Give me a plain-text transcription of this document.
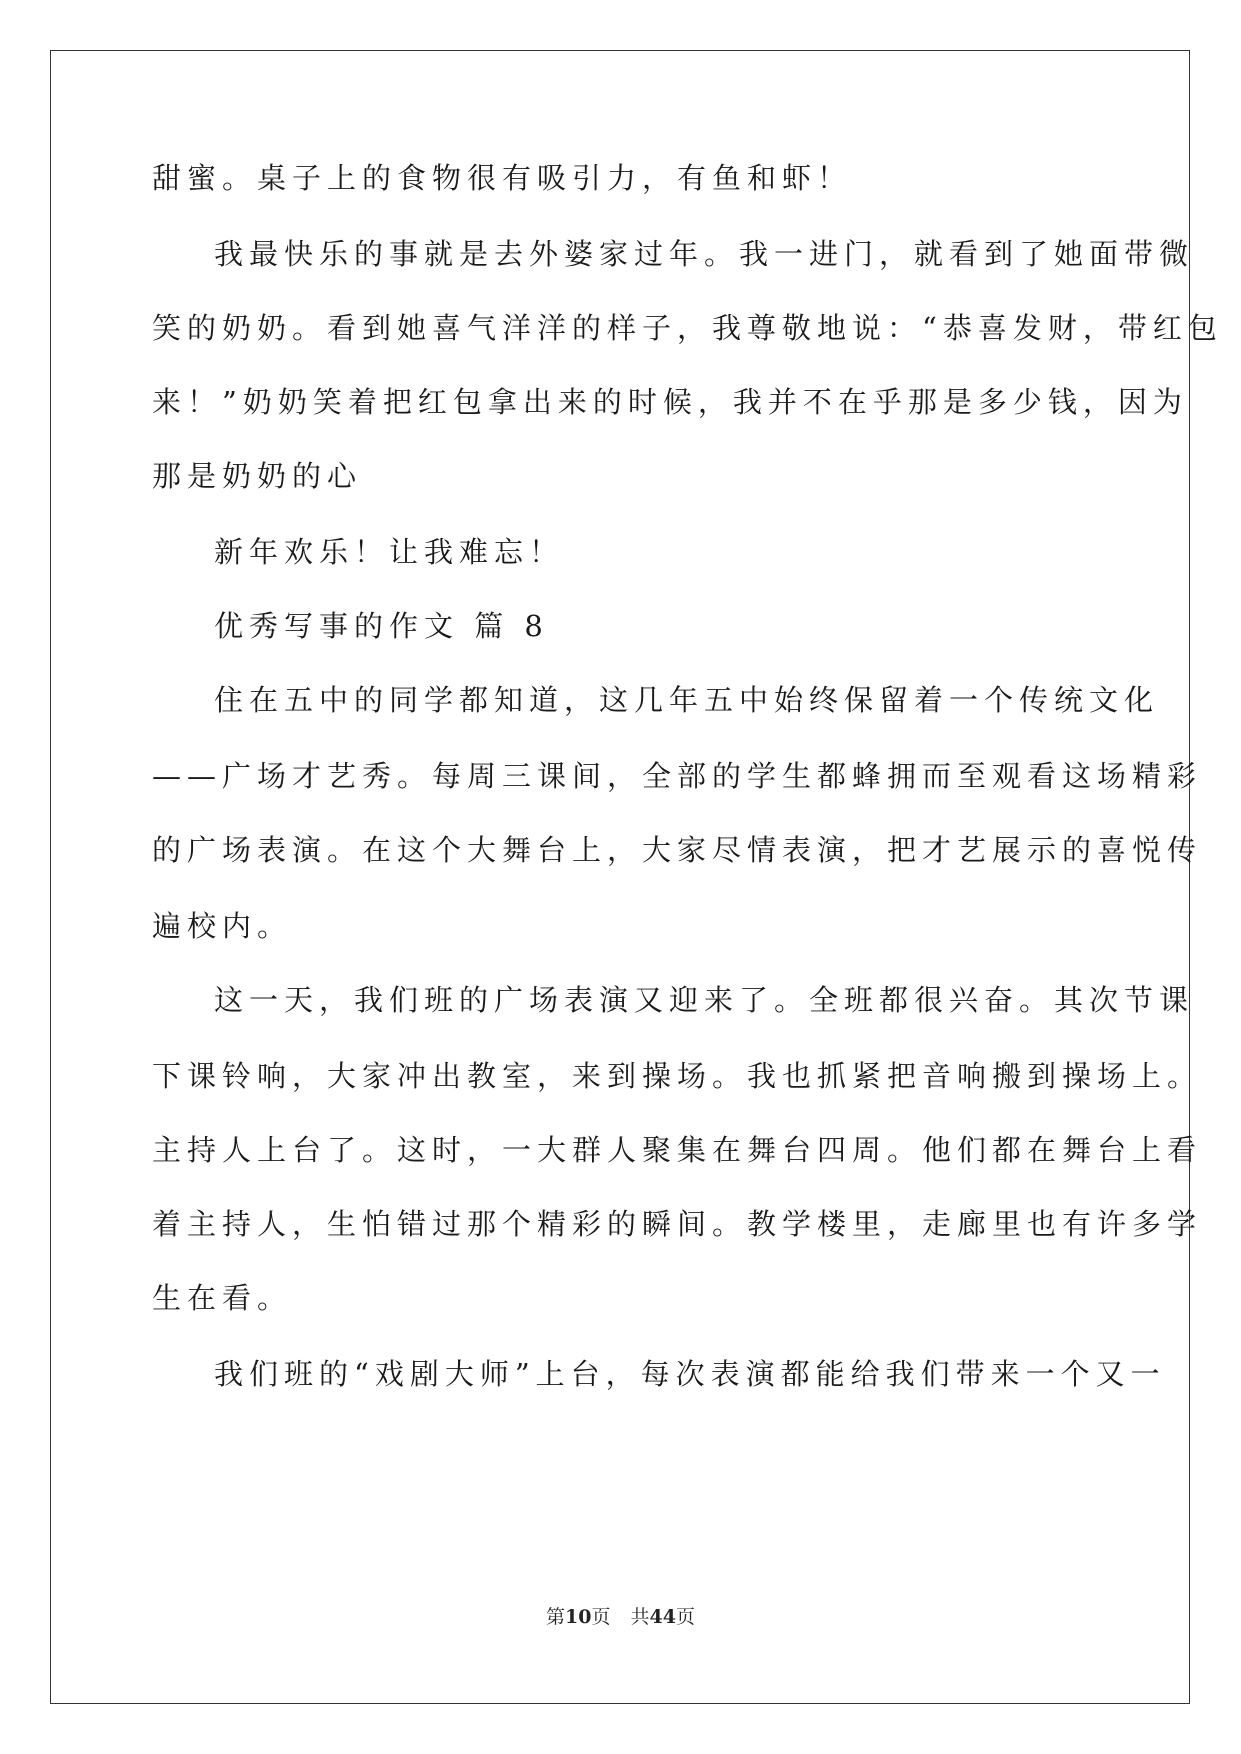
甜蜜。桌子上的食物很有吸引力，有鱼和虾！
我最快乐的事就是去外婆家过年。我一进门，就看到了她面带微
笑的奶奶。看到她喜气洋洋的样子，我尊敬地说：“恭喜发财，带红包
来！”奶奶笑着把红包拿出来的时候，我并不在乎那是多少钱，因为
那是奶奶的心
新年欢乐！让我难忘！
优秀写事的作文 篇 8
住在五中的同学都知道，这几年五中始终保留着一个传统文化
——广场才艺秀。每周三课间，全部的学生都蜂拥而至观看这场精彩
的广场表演。在这个大舞台上，大家尽情表演，把才艺展示的喜悦传
遍校内。
这一天，我们班的广场表演又迎来了。全班都很兴奋。其次节课
下课铃响，大家冲出教室，来到操场。我也抓紧把音响搬到操场上。
主持人上台了。这时，一大群人聚集在舞台四周。他们都在舞台上看
着主持人，生怕错过那个精彩的瞬间。教学楼里，走廊里也有许多学
生在看。
我们班的“戏剧大师”上台，每次表演都能给我们带来一个又一
第10页 共44页
